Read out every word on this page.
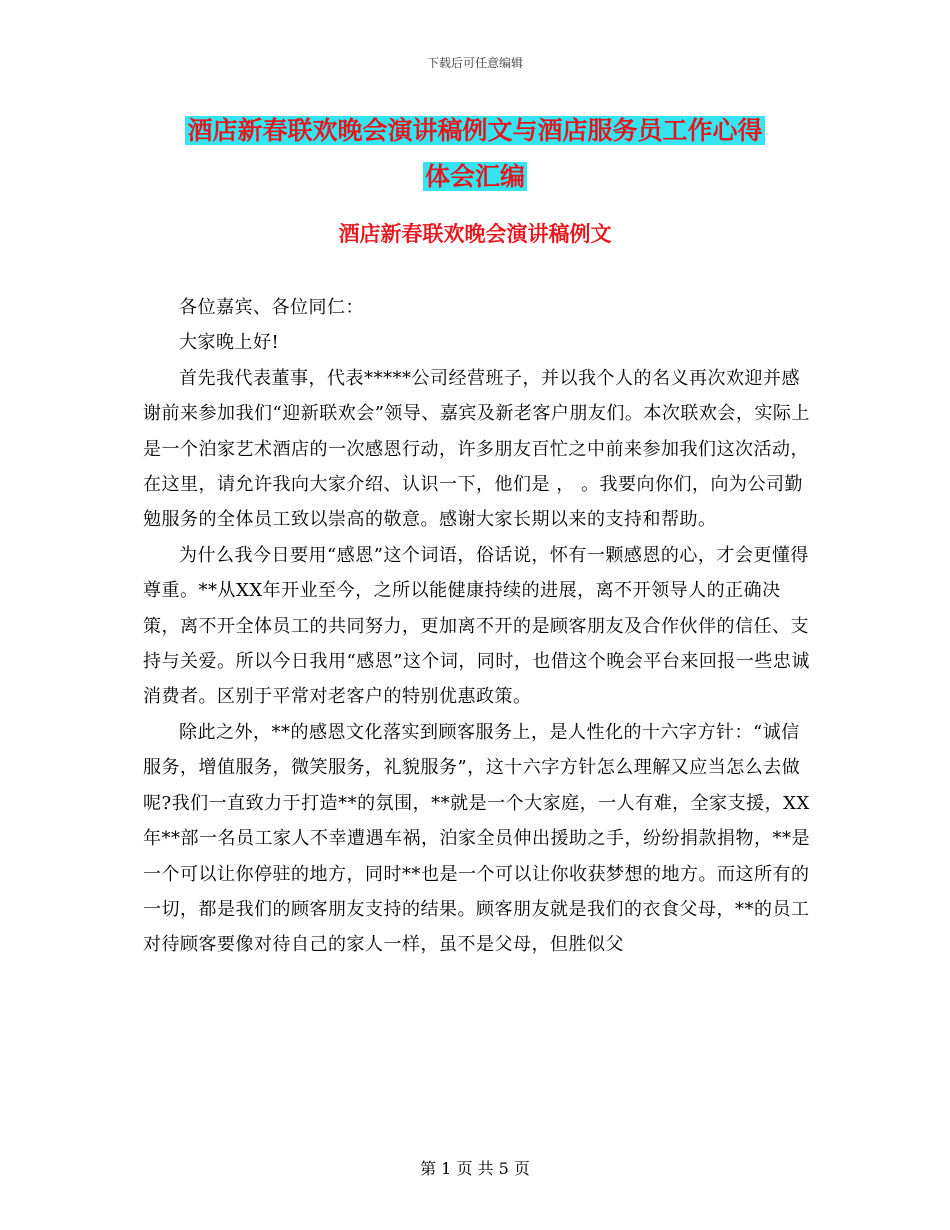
下载后可任意编辑
酒店新春联欢晚会演讲稿例文与酒店服务员工作心得
体会汇编
酒店新春联欢晚会演讲稿例文

各位嘉宾、各位同仁：

大家晚上好!

首先我代表董事，代表*****公司经营班子，并以我个人的名义再次欢迎并感谢前来参加我们“迎新联欢会”领导、嘉宾及新老客户朋友们。本次联欢会，实际上是一个泊家艺术酒店的一次感恩行动，许多朋友百忙之中前来参加我们这次活动，在这里，请允许我向大家介绍、认识一下，他们是 ， 。我要向你们，向为公司勤勉服务的全体员工致以崇高的敬意。感谢大家长期以来的支持和帮助。

为什么我今日要用“感恩”这个词语，俗话说，怀有一颗感恩的心，才会更懂得尊重。**从XX年开业至今，之所以能健康持续的进展，离不开领导人的正确决策，离不开全体员工的共同努力，更加离不开的是顾客朋友及合作伙伴的信任、支持与关爱。所以今日我用“感恩”这个词，同时，也借这个晚会平台来回报一些忠诚消费者。区别于平常对老客户的特别优惠政策。

除此之外，**的感恩文化落实到顾客服务上，是人性化的十六字方针：“诚信服务，增值服务，微笑服务，礼貌服务”，这十六字方针怎么理解又应当怎么去做呢?我们一直致力于打造**的氛围，**就是一个大家庭，一人有难，全家支援，XX年**部一名员工家人不幸遭遇车祸，泊家全员伸出援助之手，纷纷捐款捐物，**是一个可以让你停驻的地方，同时**也是一个可以让你收获梦想的地方。而这所有的一切，都是我们的顾客朋友支持的结果。顾客朋友就是我们的衣食父母，**的员工对待顾客要像对待自己的家人一样，虽不是父母，但胜似父

第 1 页 共 5 页
